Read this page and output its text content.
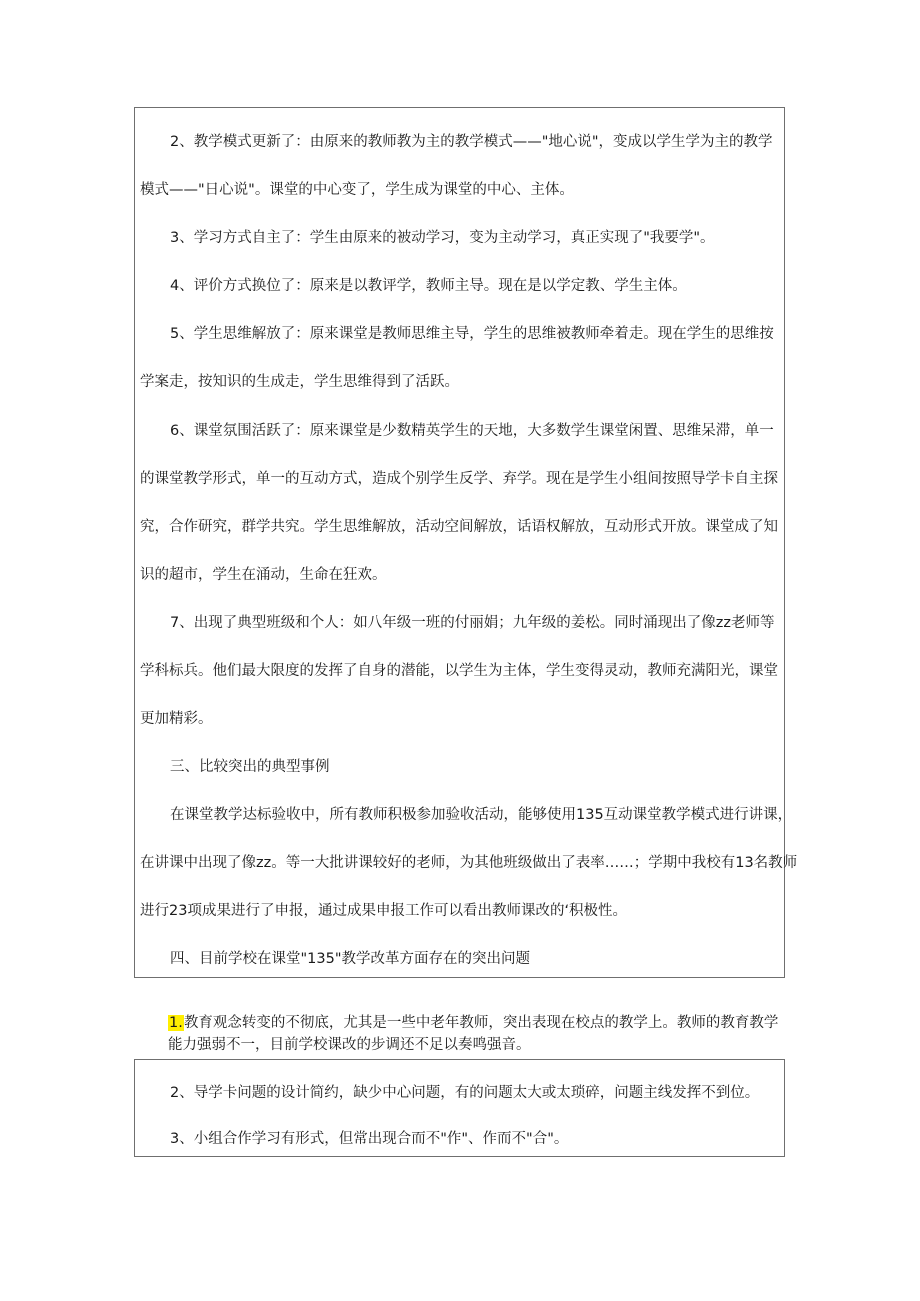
2、教学模式更新了：由原来的教师教为主的教学模式——"地心说"，变成以学生学为主的教学
模式——"日心说"。课堂的中心变了，学生成为课堂的中心、主体。
3、学习方式自主了：学生由原来的被动学习，变为主动学习，真正实现了"我要学"。
4、评价方式换位了：原来是以教评学，教师主导。现在是以学定教、学生主体。
5、学生思维解放了：原来课堂是教师思维主导，学生的思维被教师牵着走。现在学生的思维按
学案走，按知识的生成走，学生思维得到了活跃。
6、课堂氛围活跃了：原来课堂是少数精英学生的天地，大多数学生课堂闲置、思维呆滞，单一
的课堂教学形式，单一的互动方式，造成个别学生反学、弃学。现在是学生小组间按照导学卡自主探
究，合作研究，群学共究。学生思维解放，活动空间解放，话语权解放，互动形式开放。课堂成了知
识的超市，学生在涌动，生命在狂欢。
7、出现了典型班级和个人：如八年级一班的付丽娟；九年级的姜松。同时涌现出了像zz老师等
学科标兵。他们最大限度的发挥了自身的潜能，以学生为主体，学生变得灵动，教师充满阳光，课堂
更加精彩。
三、比较突出的典型事例
在课堂教学达标验收中，所有教师积极参加验收活动，能够使用135互动课堂教学模式进行讲课，
在讲课中出现了像zz。等一大批讲课较好的老师，为其他班级做出了表率……；学期中我校有13名教师
进行23项成果进行了申报，通过成果申报工作可以看出教师课改的‘积极性。
四、目前学校在课堂"135"教学改革方面存在的突出问题
1.教育观念转变的不彻底，尤其是一些中老年教师，突出表现在校点的教学上。教师的教育教学
能力强弱不一，目前学校课改的步调还不足以奏鸣强音。
2、导学卡问题的设计简约，缺少中心问题，有的问题太大或太琐碎，问题主线发挥不到位。
3、小组合作学习有形式，但常出现合而不"作"、作而不"合"。
